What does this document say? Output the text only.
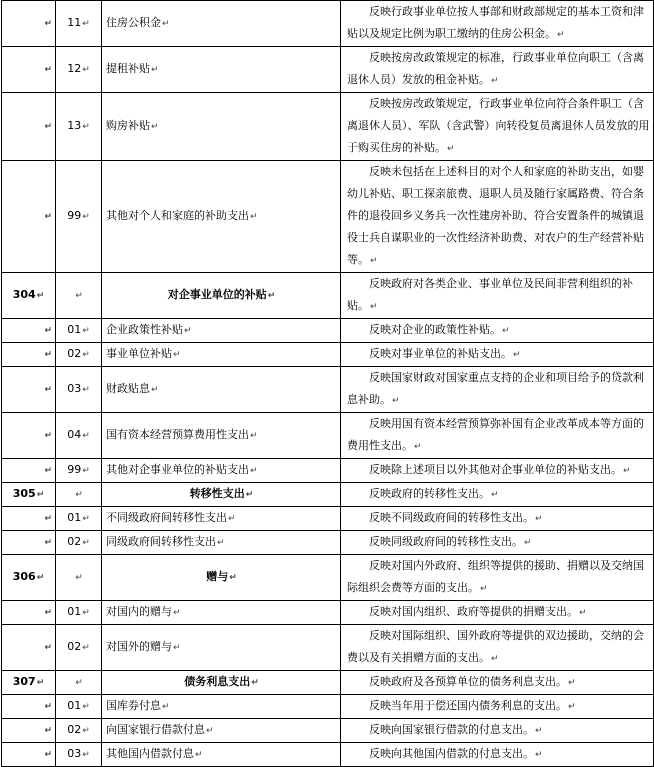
↵	11↵	住房公积金↵	反映行政事业单位按人事部和财政部规定的基本工资和津贴以及规定比例为职工缴纳的住房公积金。↵

↵	12↵	提租补贴↵	反映按房改政策规定的标准，行政事业单位向职工（含离退休人员）发放的租金补贴。↵

↵	13↵	购房补贴↵	反映按房改政策规定，行政事业单位向符合条件职工（含离退休人员）、军队（含武警）向转役复员离退休人员发放的用于购买住房的补贴。↵

↵	99↵	其他对个人和家庭的补助支出↵	反映未包括在上述科目的对个人和家庭的补助支出，如婴幼儿补贴、职工探亲旅费、退职人员及随行家属路费、符合条件的退役回乡义务兵一次性建房补助、符合安置条件的城镇退役士兵自谋职业的一次性经济补助费、对农户的生产经营补贴等。↵

304↵	↵	对企事业单位的补贴↵	反映政府对各类企业、事业单位及民间非营利组织的补贴。↵

↵	01↵	企业政策性补贴↵	反映对企业的政策性补贴。↵

↵	02↵	事业单位补贴↵	反映对事业单位的补贴支出。↵

↵	03↵	财政贴息↵	反映国家财政对国家重点支持的企业和项目给予的贷款利息补助。↵

↵	04↵	国有资本经营预算费用性支出↵	反映用国有资本经营预算弥补国有企业改革成本等方面的费用性支出。↵

↵	99↵	其他对企事业单位的补贴支出↵	反映除上述项目以外其他对企事业单位的补贴支出。↵

305↵	↵	转移性支出↵	反映政府的转移性支出。↵

↵	01↵	不同级政府间转移性支出↵	反映不同级政府间的转移性支出。↵

↵	02↵	同级政府间转移性支出↵	反映同级政府间的转移性支出。↵

306↵	↵	赠与↵	反映对国内外政府、组织等提供的援助、捐赠以及交纳国际组织会费等方面的支出。↵

↵	01↵	对国内的赠与↵	反映对国内组织、政府等提供的捐赠支出。↵

↵	02↵	对国外的赠与↵	反映对国际组织、国外政府等提供的双边援助，交纳的会费以及有关捐赠方面的支出。↵

307↵	↵	债务利息支出↵	反映政府及各预算单位的债务利息支出。↵

↵	01↵	国库券付息↵	反映当年用于偿还国内债务利息的支出。↵

↵	02↵	向国家银行借款付息↵	反映向国家银行借款的付息支出。↵

↵	03↵	其他国内借款付息↵	反映向其他国内借款的付息支出。↵
